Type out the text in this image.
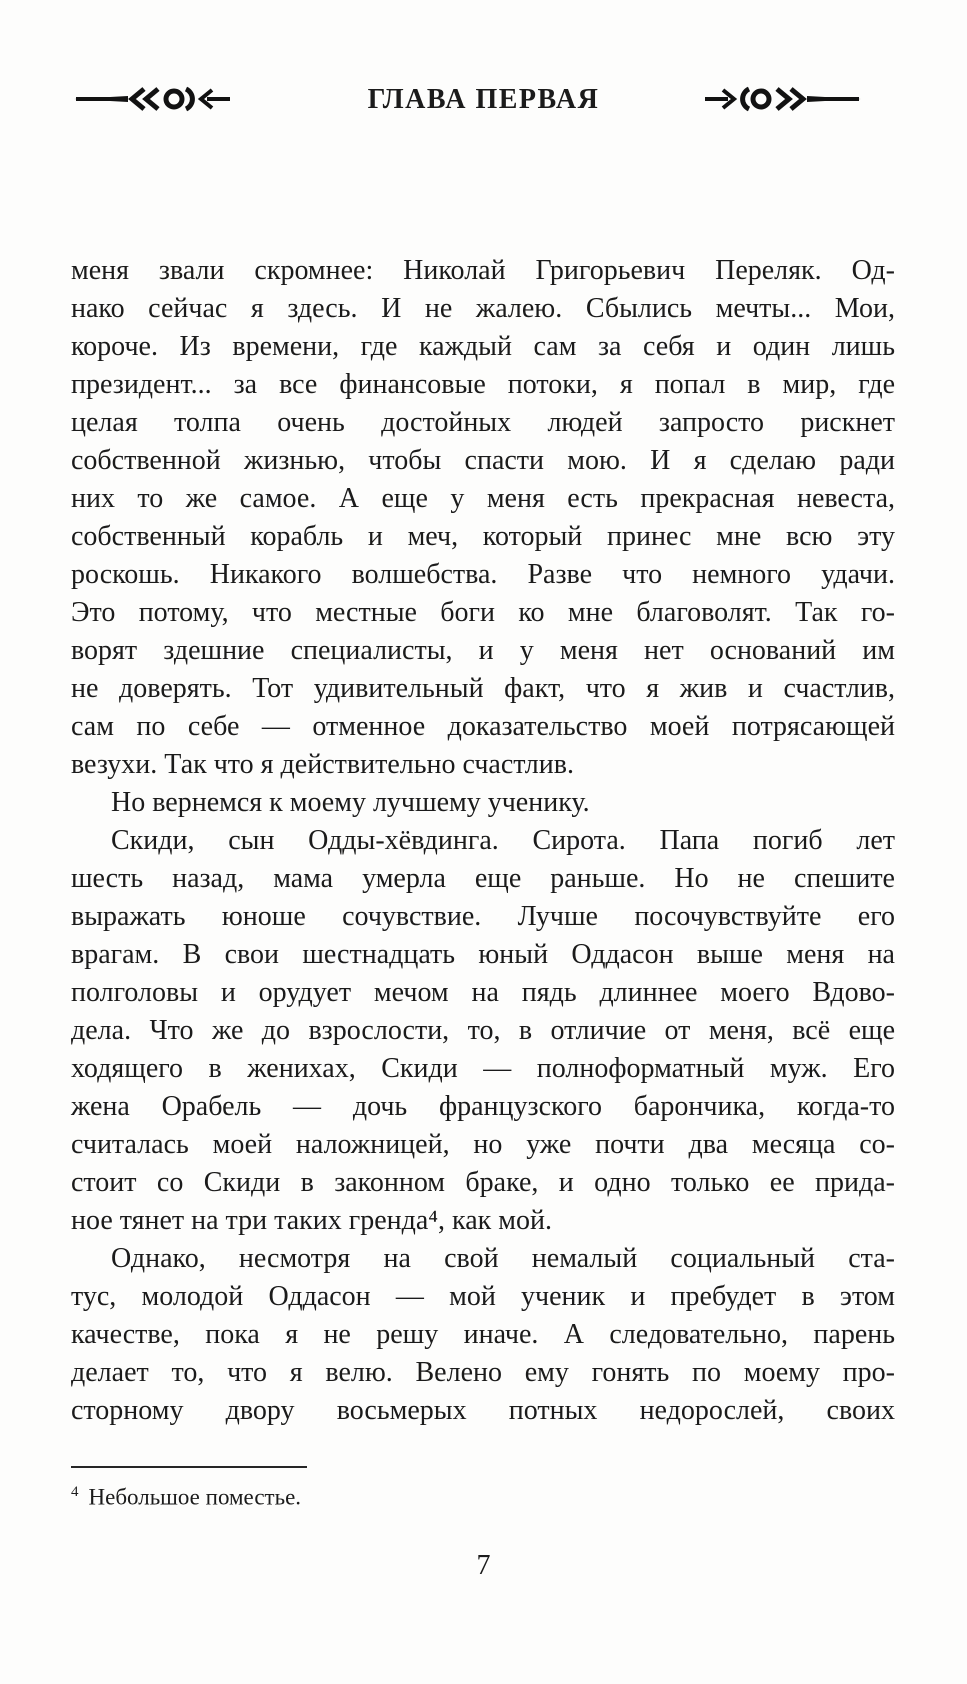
ГЛАВА ПЕРВАЯ
меня звали скромнее: Николай Григорьевич Переляк. Од-
нако сейчас я здесь. И не жалею. Сбылись мечты... Мои,
короче. Из времени, где каждый сам за себя и один лишь
президент... за все финансовые потоки, я попал в мир, где
целая толпа очень достойных людей запросто рискнет
собственной жизнью, чтобы спасти мою. И я сделаю ради
них то же самое. А еще у меня есть прекрасная невеста,
собственный корабль и меч, который принес мне всю эту
роскошь. Никакого волшебства. Разве что немного удачи.
Это потому, что местные боги ко мне благоволят. Так го-
ворят здешние специалисты, и у меня нет оснований им
не доверять. Тот удивительный факт, что я жив и счастлив,
сам по себе — отменное доказательство моей потрясающей
везухи. Так что я действительно счастлив.
Но вернемся к моему лучшему ученику.
Скиди, сын Одды-хёвдинга. Сирота. Папа погиб лет
шесть назад, мама умерла еще раньше. Но не спешите
выражать юноше сочувствие. Лучше посочувствуйте его
врагам. В свои шестнадцать юный Оддасон выше меня на
полголовы и орудует мечом на пядь длиннее моего Вдово-
дела. Что же до взрослости, то, в отличие от меня, всё еще
ходящего в женихах, Скиди — полноформатный муж. Его
жена Орабель — дочь французского барончика, когда-то
считалась моей наложницей, но уже почти два месяца со-
стоит со Скиди в законном браке, и одно только ее прида-
ное тянет на три таких гренда⁴, как мой.
Однако, несмотря на свой немалый социальный ста-
тус, молодой Оддасон — мой ученик и пребудет в этом
качестве, пока я не решу иначе. А следовательно, парень
делает то, что я велю. Велено ему гонять по моему про-
сторному двору восьмерых потных недорослей, своих
$^4$ Небольшое поместье.
7
